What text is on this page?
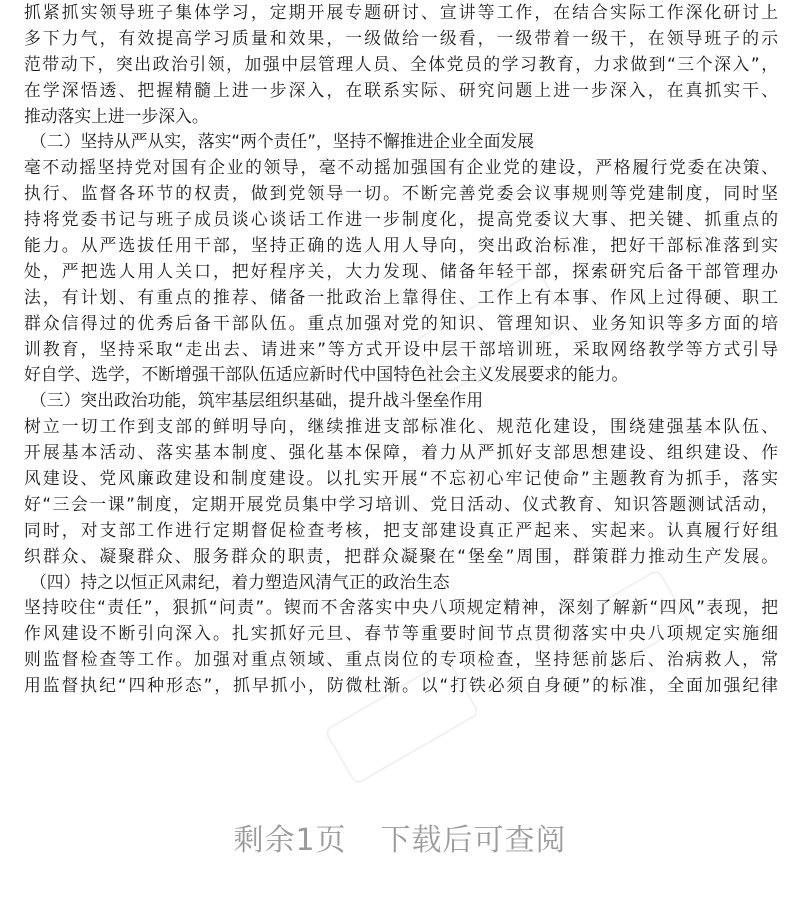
抓紧抓实领导班子集体学习，定期开展专题研讨、宣讲等工作，在结合实际工作深化研讨上
多下力气，有效提高学习质量和效果，一级做给一级看，一级带着一级干，在领导班子的示
范带动下，突出政治引领，加强中层管理人员、全体党员的学习教育，力求做到“三个深入”，
在学深悟透、把握精髓上进一步深入，在联系实际、研究问题上进一步深入，在真抓实干、
推动落实上进一步深入。
（二）坚持从严从实，落实“两个责任”，坚持不懈推进企业全面发展
毫不动摇坚持党对国有企业的领导，毫不动摇加强国有企业党的建设，严格履行党委在决策、
执行、监督各环节的权责，做到党领导一切。不断完善党委会议事规则等党建制度，同时坚
持将党委书记与班子成员谈心谈话工作进一步制度化，提高党委议大事、把关键、抓重点的
能力。从严选拔任用干部，坚持正确的选人用人导向，突出政治标准，把好干部标准落到实
处，严把选人用人关口，把好程序关，大力发现、储备年轻干部，探索研究后备干部管理办
法，有计划、有重点的推荐、储备一批政治上靠得住、工作上有本事、作风上过得硬、职工
群众信得过的优秀后备干部队伍。重点加强对党的知识、管理知识、业务知识等多方面的培
训教育，坚持采取“走出去、请进来”等方式开设中层干部培训班，采取网络教学等方式引导
好自学、选学，不断增强干部队伍适应新时代中国特色社会主义发展要求的能力。
（三）突出政治功能，筑牢基层组织基础，提升战斗堡垒作用
树立一切工作到支部的鲜明导向，继续推进支部标准化、规范化建设，围绕建强基本队伍、
开展基本活动、落实基本制度、强化基本保障，着力从严抓好支部思想建设、组织建设、作
风建设、党风廉政建设和制度建设。以扎实开展“不忘初心牢记使命”主题教育为抓手，落实
好“三会一课”制度，定期开展党员集中学习培训、党日活动、仪式教育、知识答题测试活动，
同时，对支部工作进行定期督促检查考核，把支部建设真正严起来、实起来。认真履行好组
织群众、凝聚群众、服务群众的职责，把群众凝聚在“堡垒”周围，群策群力推动生产发展。
（四）持之以恒正风肃纪，着力塑造风清气正的政治生态
坚持咬住“责任”，狠抓“问责”。锲而不舍落实中央八项规定精神，深刻了解新“四风”表现，把
作风建设不断引向深入。扎实抓好元旦、春节等重要时间节点贯彻落实中央八项规定实施细
则监督检查等工作。加强对重点领域、重点岗位的专项检查，坚持惩前毖后、治病救人，常
用监督执纪“四种形态”，抓早抓小，防微杜渐。以“打铁必须自身硬”的标准，全面加强纪律
剩余1页 下载后可查阅
